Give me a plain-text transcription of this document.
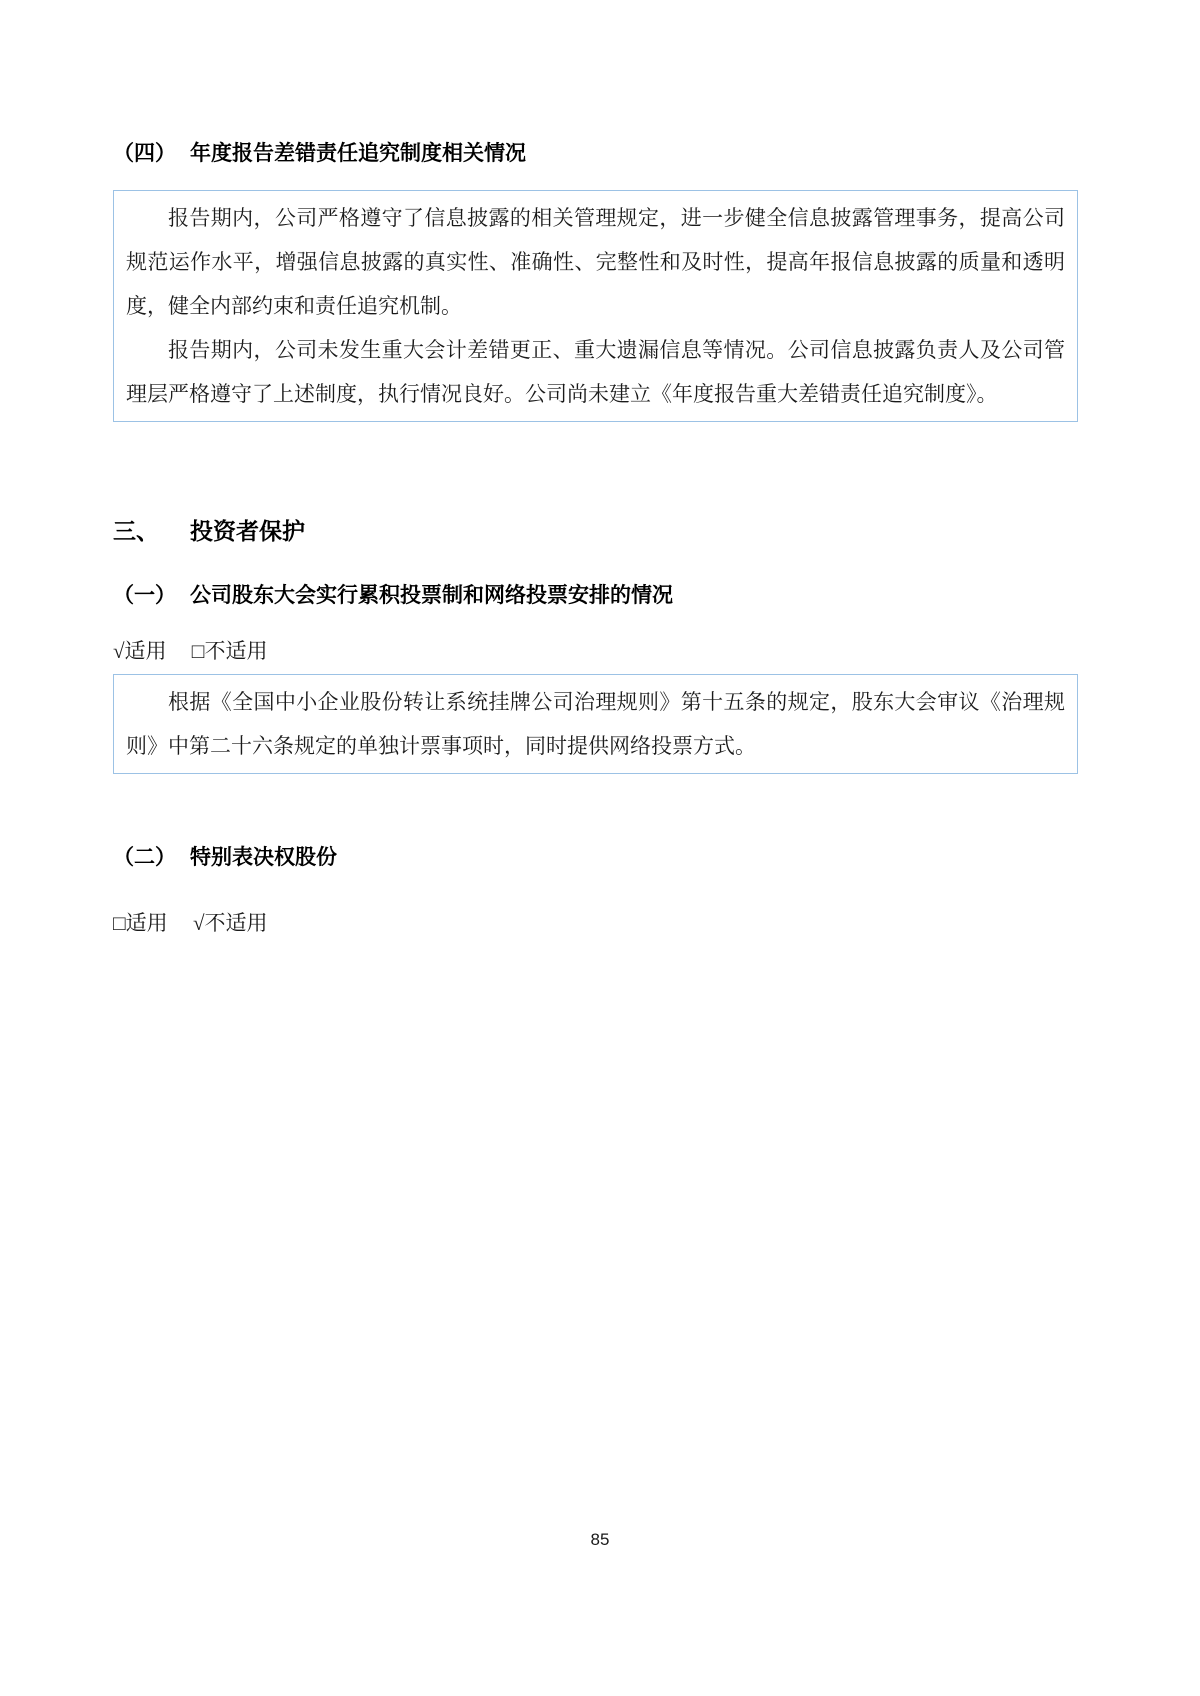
（四） 年度报告差错责任追究制度相关情况

报告期内，公司严格遵守了信息披露的相关管理规定，进一步健全信息披露管理事务，提高公司规范运作水平，增强信息披露的真实性、准确性、完整性和及时性，提高年报信息披露的质量和透明度，健全内部约束和责任追究机制。

报告期内，公司未发生重大会计差错更正、重大遗漏信息等情况。公司信息披露负责人及公司管理层严格遵守了上述制度，执行情况良好。公司尚未建立《年度报告重大差错责任追究制度》。

三、	投资者保护
（一） 公司股东大会实行累积投票制和网络投票安排的情况
√适用 □不适用

根据《全国中小企业股份转让系统挂牌公司治理规则》第十五条的规定，股东大会审议《治理规则》中第二十六条规定的单独计票事项时，同时提供网络投票方式。

（二） 特别表决权股份
□适用 √不适用
85
